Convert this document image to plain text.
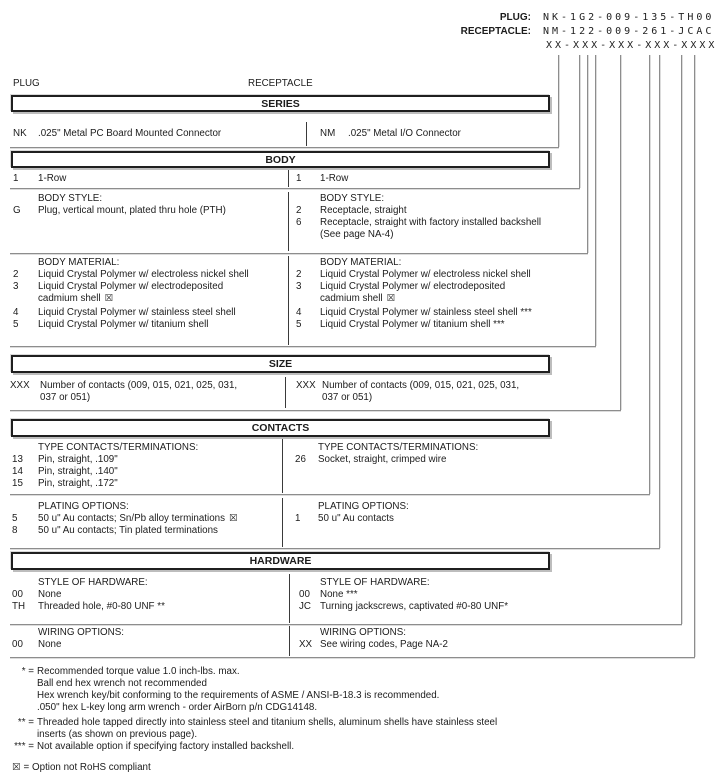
PLUG: NK-1G2-009-135-TH00
RECEPTACLE: NM-122-009-261-JCAC
XX-XXX-XXX-XXX-XXXX
PLUG	RECEPTACLE
SERIES
NK .025" Metal PC Board Mounted Connector	NM .025" Metal I/O Connector
BODY
1 1-Row	1 1-Row
BODY STYLE:
G Plug, vertical mount, plated thru hole (PTH)
BODY STYLE:
2 Receptacle, straight
6 Receptacle, straight with factory installed backshell
(See page NA-4)
BODY MATERIAL:
2 Liquid Crystal Polymer w/ electroless nickel shell
3 Liquid Crystal Polymer w/ electrodeposited
cadmium shell ☒
4 Liquid Crystal Polymer w/ stainless steel shell
5 Liquid Crystal Polymer w/ titanium shell
BODY MATERIAL:
2 Liquid Crystal Polymer w/ electroless nickel shell
3 Liquid Crystal Polymer w/ electrodeposited
cadmium shell ☒
4 Liquid Crystal Polymer w/ stainless steel shell ***
5 Liquid Crystal Polymer w/ titanium shell ***
SIZE
XXX Number of contacts (009, 015, 021, 025, 031,
037 or 051)
XXX Number of contacts (009, 015, 021, 025, 031,
037 or 051)
CONTACTS
TYPE CONTACTS/TERMINATIONS:
13 Pin, straight, .109"
14 Pin, straight, .140"
15 Pin, straight, .172"
TYPE CONTACTS/TERMINATIONS:
26 Socket, straight, crimped wire
PLATING OPTIONS:
5 50 u" Au contacts; Sn/Pb alloy terminations ☒
8 50 u" Au contacts; Tin plated terminations
PLATING OPTIONS:
1 50 u" Au contacts
HARDWARE
STYLE OF HARDWARE:
00 None
TH Threaded hole, #0-80 UNF **
STYLE OF HARDWARE:
00 None ***
JC Turning jackscrews, captivated #0-80 UNF*
WIRING OPTIONS:
00 None
WIRING OPTIONS:
XX See wiring codes, Page NA-2
* = Recommended torque value 1.0 inch-lbs. max.
Ball end hex wrench not recommended
Hex wrench key/bit conforming to the requirements of ASME / ANSI-B-18.3 is recommended.
.050" hex L-key long arm wrench - order AirBorn p/n CDG14148.
** = Threaded hole tapped directly into stainless steel and titanium shells, aluminum shells have stainless steel
inserts (as shown on previous page).
*** = Not available option if specifying factory installed backshell.
☒ = Option not RoHS compliant
